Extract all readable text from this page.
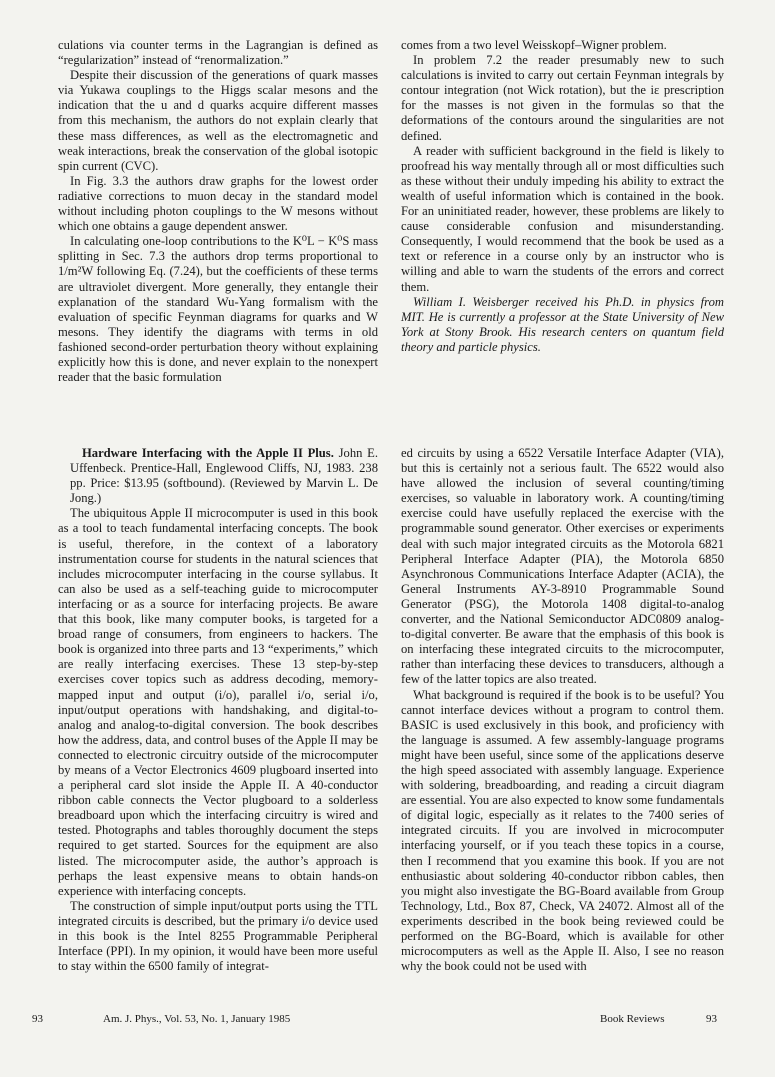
culations via counter terms in the Lagrangian is defined as “regularization” instead of “renormalization.”

Despite their discussion of the generations of quark masses via Yukawa couplings to the Higgs scalar mesons and the indication that the u and d quarks acquire different masses from this mechanism, the authors do not explain clearly that these mass differences, as well as the electromagnetic and weak interactions, break the conservation of the global isotopic spin current (CVC).

In Fig. 3.3 the authors draw graphs for the lowest order radiative corrections to muon decay in the standard model without including photon couplings to the W mesons without which one obtains a gauge dependent answer.

In calculating one-loop contributions to the K⁰L − K⁰S mass splitting in Sec. 7.3 the authors drop terms proportional to 1/m²W following Eq. (7.24), but the coefficients of these terms are ultraviolet divergent. More generally, they entangle their explanation of the standard Wu-Yang formalism with the evaluation of specific Feynman diagrams for quarks and W mesons. They identify the diagrams with terms in old fashioned second-order perturbation theory without explaining explicitly how this is done, and never explain to the nonexpert reader that the basic formulation

comes from a two level Weisskopf–Wigner problem.

In problem 7.2 the reader presumably new to such calculations is invited to carry out certain Feynman integrals by contour integration (not Wick rotation), but the iε prescription for the masses is not given in the formulas so that the deformations of the contours around the singularities are not defined.

A reader with sufficient background in the field is likely to proofread his way mentally through all or most difficulties such as these without their unduly impeding his ability to extract the wealth of useful information which is contained in the book. For an uninitiated reader, however, these problems are likely to cause considerable confusion and misunderstanding. Consequently, I would recommend that the book be used as a text or reference in a course only by an instructor who is willing and able to warn the students of the errors and correct them.

William I. Weisberger received his Ph.D. in physics from MIT. He is currently a professor at the State University of New York at Stony Brook. His research centers on quantum field theory and particle physics.

Hardware Interfacing with the Apple II Plus. John E. Uffenbeck. Prentice-Hall, Englewood Cliffs, NJ, 1983. 238 pp. Price: $13.95 (softbound). (Reviewed by Marvin L. De Jong.)

The ubiquitous Apple II microcomputer is used in this book as a tool to teach fundamental interfacing concepts. The book is useful, therefore, in the context of a laboratory instrumentation course for students in the natural sciences that includes microcomputer interfacing in the course syllabus. It can also be used as a self-teaching guide to microcomputer interfacing or as a source for interfacing projects. Be aware that this book, like many computer books, is targeted for a broad range of consumers, from engineers to hackers. The book is organized into three parts and 13 “experiments,” which are really interfacing exercises. These 13 step-by-step exercises cover topics such as address decoding, memory-mapped input and output (i/o), parallel i/o, serial i/o, input/output operations with handshaking, and digital-to-analog and analog-to-digital conversion. The book describes how the address, data, and control buses of the Apple II may be connected to electronic circuitry outside of the microcomputer by means of a Vector Electronics 4609 plugboard inserted into a peripheral card slot inside the Apple II. A 40-conductor ribbon cable connects the Vector plugboard to a solderless breadboard upon which the interfacing circuitry is wired and tested. Photographs and tables thoroughly document the steps required to get started. Sources for the equipment are also listed. The microcomputer aside, the author’s approach is perhaps the least expensive means to obtain hands-on experience with interfacing concepts.

The construction of simple input/output ports using the TTL integrated circuits is described, but the primary i/o device used in this book is the Intel 8255 Programmable Peripheral Interface (PPI). In my opinion, it would have been more useful to stay within the 6500 family of integrat-

ed circuits by using a 6522 Versatile Interface Adapter (VIA), but this is certainly not a serious fault. The 6522 would also have allowed the inclusion of several counting/timing exercises, so valuable in laboratory work. A counting/timing exercise could have usefully replaced the exercise with the programmable sound generator. Other exercises or experiments deal with such major integrated circuits as the Motorola 6821 Peripheral Interface Adapter (PIA), the Motorola 6850 Asynchronous Communications Interface Adapter (ACIA), the General Instruments AY-3-8910 Programmable Sound Generator (PSG), the Motorola 1408 digital-to-analog converter, and the National Semiconductor ADC0809 analog-to-digital converter. Be aware that the emphasis of this book is on interfacing these integrated circuits to the microcomputer, rather than interfacing these devices to transducers, although a few of the latter topics are also treated.

What background is required if the book is to be useful? You cannot interface devices without a program to control them. BASIC is used exclusively in this book, and proficiency with the language is assumed. A few assembly-language programs might have been useful, since some of the applications deserve the high speed associated with assembly language. Experience with soldering, breadboarding, and reading a circuit diagram are essential. You are also expected to know some fundamentals of digital logic, especially as it relates to the 7400 series of integrated circuits. If you are involved in microcomputer interfacing yourself, or if you teach these topics in a course, then I recommend that you examine this book. If you are not enthusiastic about soldering 40-conductor ribbon cables, then you might also investigate the BG-Board available from Group Technology, Ltd., Box 87, Check, VA 24072. Almost all of the experiments described in the book being reviewed could be performed on the BG-Board, which is available for other microcomputers as well as the Apple II. Also, I see no reason why the book could not be used with

93	Am. J. Phys., Vol. 53, No. 1, January 1985	Book Reviews	93
